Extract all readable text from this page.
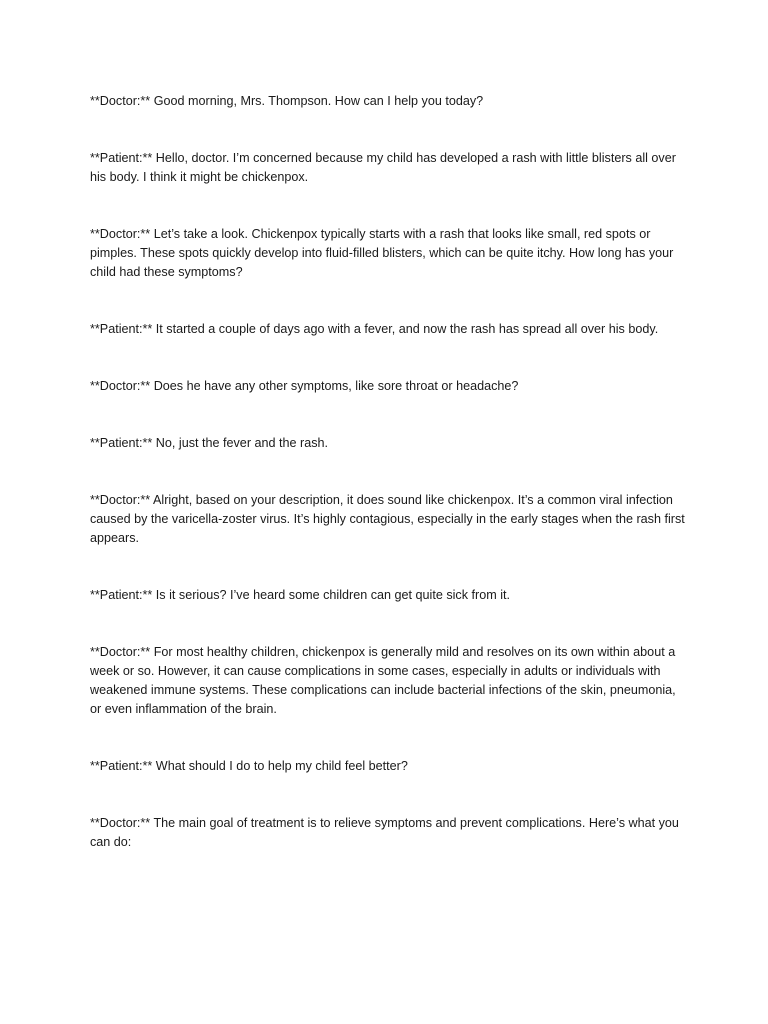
**Doctor:** Good morning, Mrs. Thompson. How can I help you today?

**Patient:** Hello, doctor. I’m concerned because my child has developed a rash with little blisters all over his body. I think it might be chickenpox.

**Doctor:** Let’s take a look. Chickenpox typically starts with a rash that looks like small, red spots or pimples. These spots quickly develop into fluid-filled blisters, which can be quite itchy. How long has your child had these symptoms?

**Patient:** It started a couple of days ago with a fever, and now the rash has spread all over his body.

**Doctor:** Does he have any other symptoms, like sore throat or headache?

**Patient:** No, just the fever and the rash.

**Doctor:** Alright, based on your description, it does sound like chickenpox. It’s a common viral infection caused by the varicella-zoster virus. It’s highly contagious, especially in the early stages when the rash first appears.

**Patient:** Is it serious? I’ve heard some children can get quite sick from it.

**Doctor:** For most healthy children, chickenpox is generally mild and resolves on its own within about a week or so. However, it can cause complications in some cases, especially in adults or individuals with weakened immune systems. These complications can include bacterial infections of the skin, pneumonia, or even inflammation of the brain.

**Patient:** What should I do to help my child feel better?

**Doctor:** The main goal of treatment is to relieve symptoms and prevent complications. Here’s what you can do:
